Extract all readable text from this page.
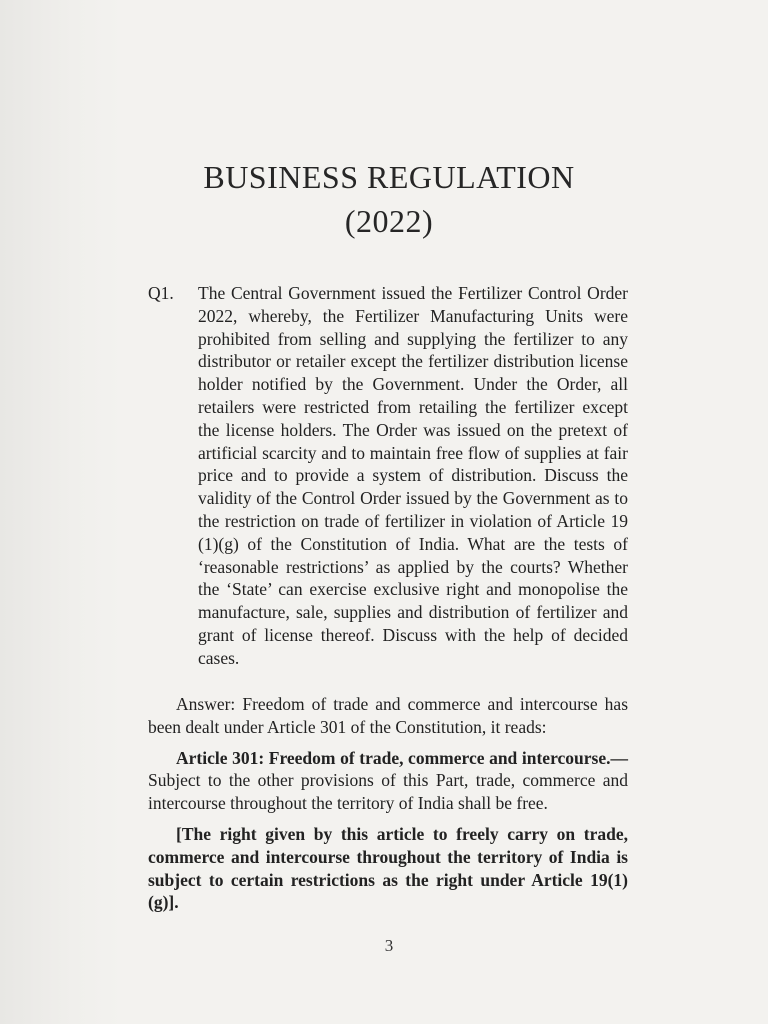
BUSINESS REGULATION
(2022)
Q1. The Central Government issued the Fertilizer Control Order 2022, whereby, the Fertilizer Manufacturing Units were prohibited from selling and supplying the fertilizer to any distributor or retailer except the fertilizer distribution license holder notified by the Government. Under the Order, all retailers were restricted from retailing the fertilizer except the license holders. The Order was issued on the pretext of artificial scarcity and to maintain free flow of supplies at fair price and to provide a system of distribution. Discuss the validity of the Control Order issued by the Government as to the restriction on trade of fertilizer in violation of Article 19 (1)(g) of the Constitution of India. What are the tests of ‘reasonable restrictions’ as applied by the courts? Whether the ‘State’ can exercise exclusive right and monopolise the manufacture, sale, supplies and distribution of fertilizer and grant of license thereof. Discuss with the help of decided cases.

Answer: Freedom of trade and commerce and intercourse has been dealt under Article 301 of the Constitution, it reads:

Article 301: Freedom of trade, commerce and intercourse.— Subject to the other provisions of this Part, trade, commerce and intercourse throughout the territory of India shall be free.

[The right given by this article to freely carry on trade, commerce and intercourse throughout the territory of India is subject to certain restrictions as the right under Article 19(1)(g)].

3
